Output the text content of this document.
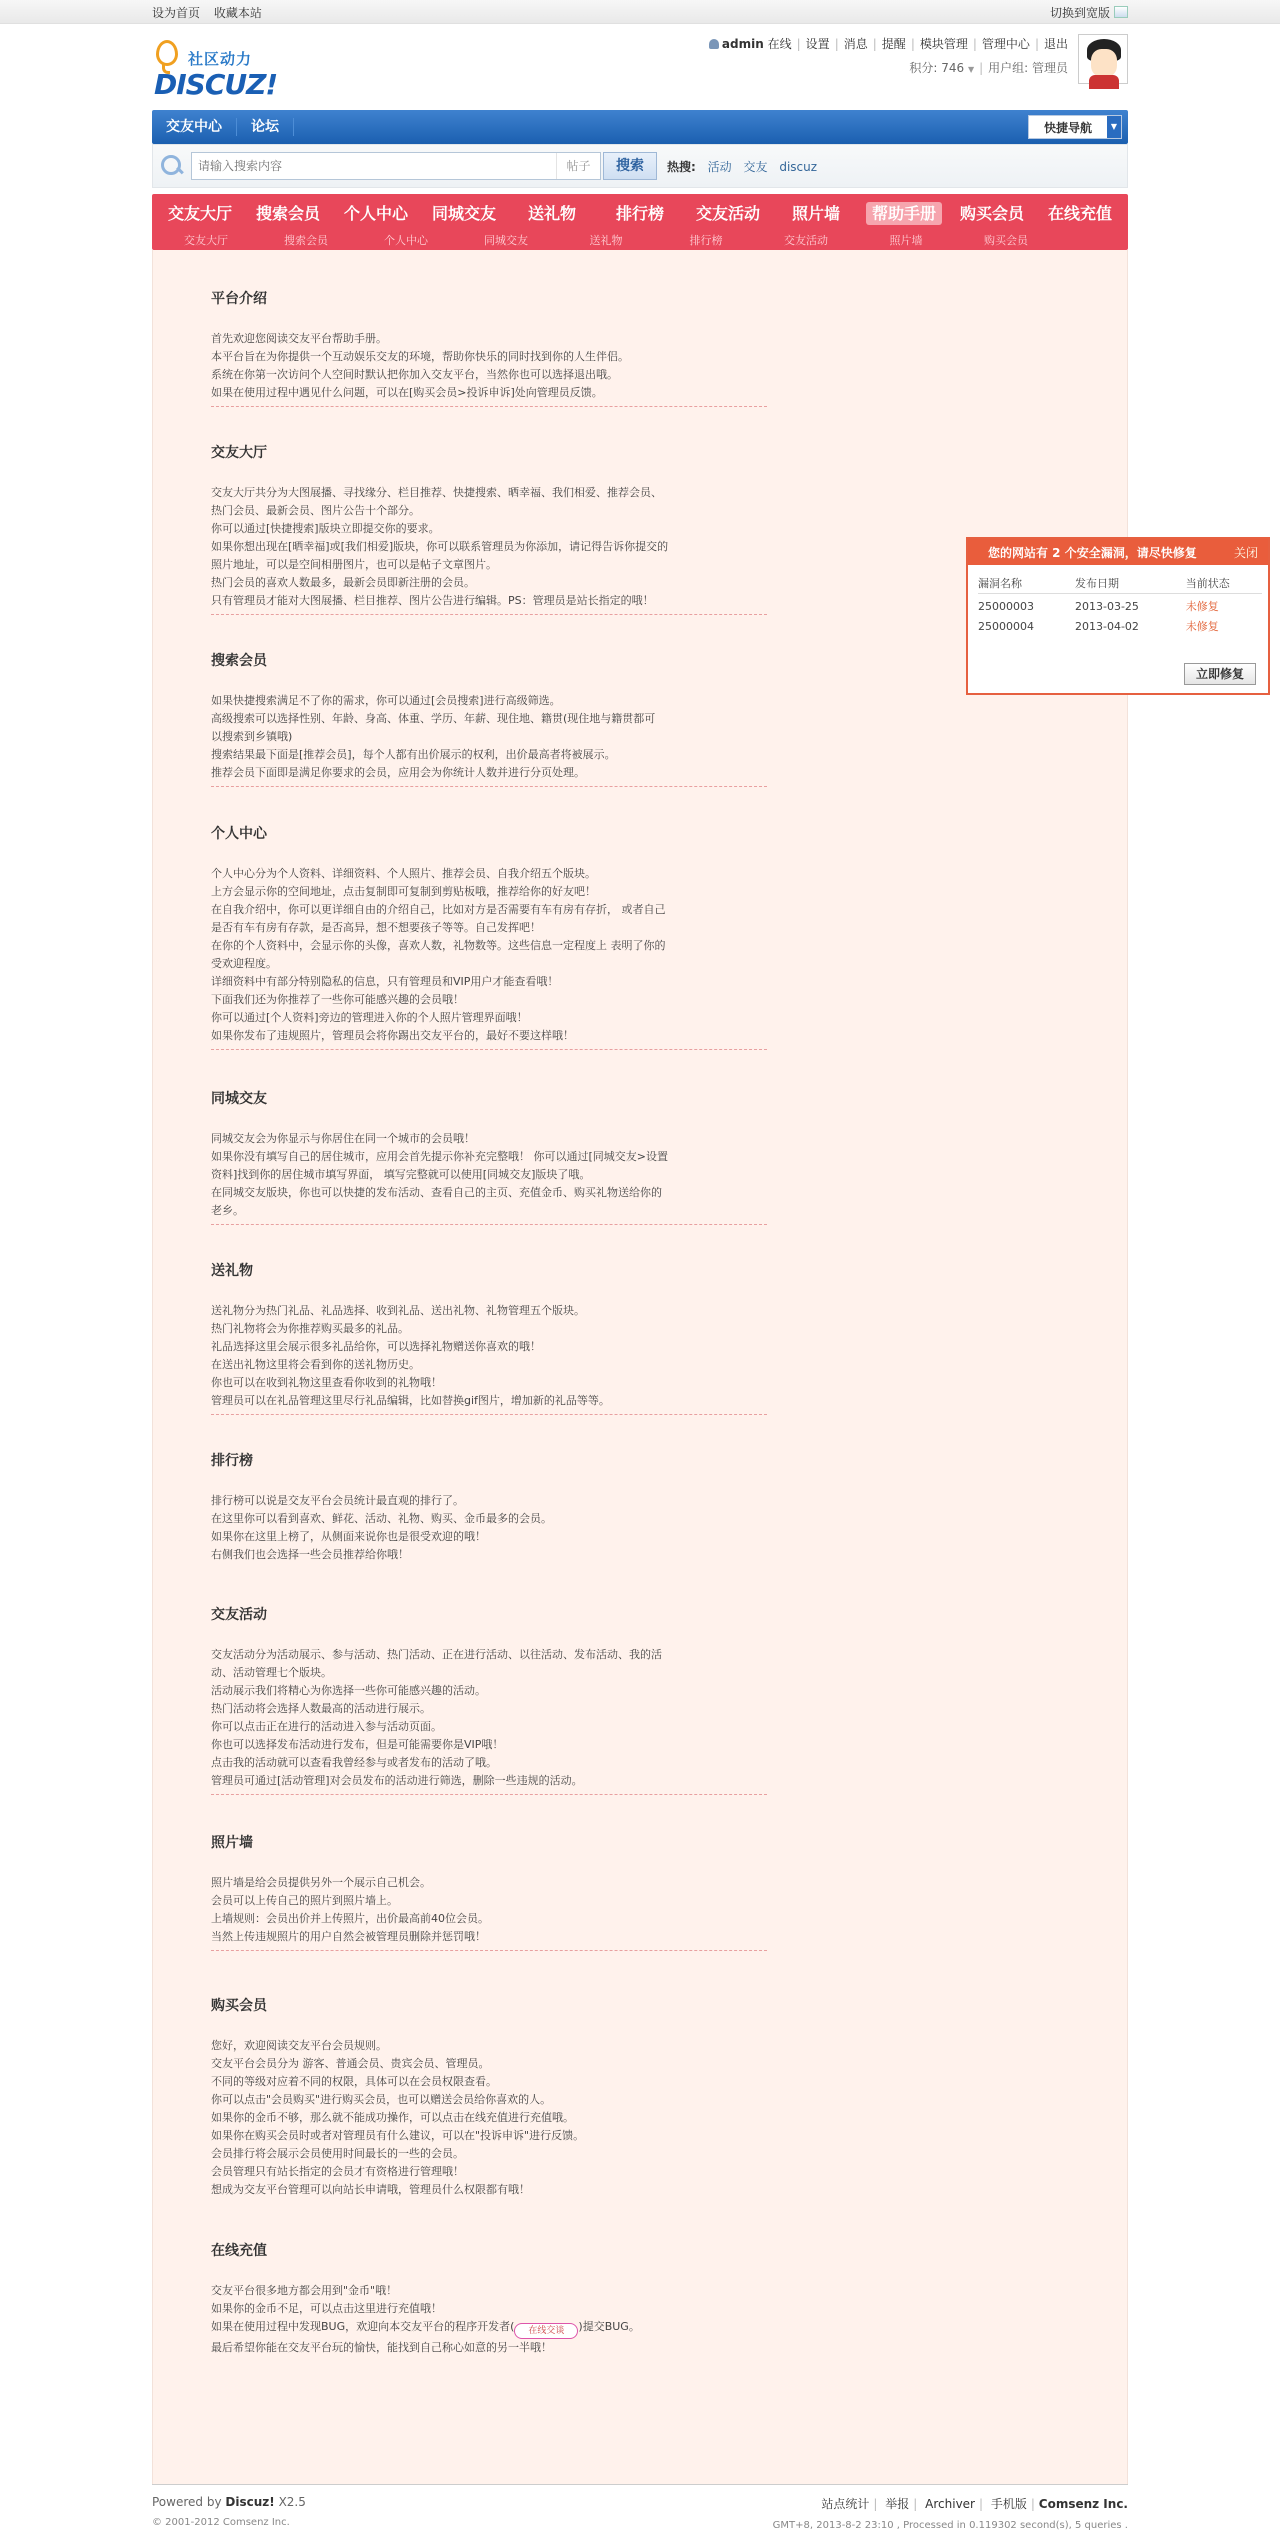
设为首页 收藏本站	切换到宽版
社区动力
DISCUZ!
admin 在线 | 设置 | 消息 | 提醒 | 模块管理 | 管理中心 | 退出
积分: 746 ▼ | 用户组: 管理员
交友中心	论坛	快捷导航	▼
请输入搜索内容
帖子	搜索	热搜: 活动 交友 discuz
交友大厅	搜索会员	个人中心	同城交友	送礼物	排行榜	交友活动	照片墙	帮助手册	购买会员	在线充值
交友大厅	搜索会员	个人中心	同城交友	送礼物	排行榜	交友活动	照片墙	购买会员
平台介绍

首先欢迎您阅读交友平台帮助手册。

本平台旨在为你提供一个互动娱乐交友的环境，帮助你快乐的同时找到你的人生伴侣。

系统在你第一次访问个人空间时默认把你加入交友平台，当然你也可以选择退出哦。

如果在使用过程中遇见什么问题，可以在[购买会员>投诉申诉]处向管理员反馈。

交友大厅

交友大厅共分为大图展播、寻找缘分、栏目推荐、快捷搜索、晒幸福、我们相爱、推荐会员、

热门会员、最新会员、图片公告十个部分。

你可以通过[快捷搜索]版块立即提交你的要求。

如果你想出现在[晒幸福]或[我们相爱]版块，你可以联系管理员为你添加，请记得告诉你提交的

照片地址，可以是空间相册图片，也可以是帖子文章图片。

热门会员的喜欢人数最多，最新会员即新注册的会员。

只有管理员才能对大图展播、栏目推荐、图片公告进行编辑。PS：管理员是站长指定的哦！

搜索会员

如果快捷搜索满足不了你的需求，你可以通过[会员搜索]进行高级筛选。

高级搜索可以选择性别、年龄、身高、体重、学历、年薪、现住地、籍贯(现住地与籍贯都可

以搜索到乡镇哦)

搜索结果最下面是[推荐会员]，每个人都有出价展示的权利，出价最高者将被展示。

推荐会员下面即是满足你要求的会员，应用会为你统计人数并进行分页处理。

个人中心

个人中心分为个人资料、详细资料、个人照片、推荐会员、自我介绍五个版块。

上方会显示你的空间地址，点击复制即可复制到剪贴板哦，推荐给你的好友吧！

在自我介绍中，你可以更详细自由的介绍自己，比如对方是否需要有车有房有存折， 或者自己

是否有车有房有存款，是否高异，想不想要孩子等等。自己发挥吧！

在你的个人资料中，会显示你的头像，喜欢人数，礼物数等。这些信息一定程度上 表明了你的

受欢迎程度。

详细资料中有部分特别隐私的信息，只有管理员和VIP用户才能查看哦！

下面我们还为你推荐了一些你可能感兴趣的会员哦！

你可以通过[个人资料]旁边的管理进入你的个人照片管理界面哦！

如果你发布了违规照片，管理员会将你踢出交友平台的，最好不要这样哦！

同城交友

同城交友会为你显示与你居住在同一个城市的会员哦！

如果你没有填写自己的居住城市，应用会首先提示你补充完整哦！ 你可以通过[同城交友>设置

资料]找到你的居住城市填写界面， 填写完整就可以使用[同城交友]版块了哦。

在同城交友版块，你也可以快捷的发布活动、查看自己的主页、充值金币、购买礼物送给你的

老乡。

送礼物

送礼物分为热门礼品、礼品选择、收到礼品、送出礼物、礼物管理五个版块。

热门礼物将会为你推荐购买最多的礼品。

礼品选择这里会展示很多礼品给你，可以选择礼物赠送你喜欢的哦！

在送出礼物这里将会看到你的送礼物历史。

你也可以在收到礼物这里查看你收到的礼物哦！

管理员可以在礼品管理这里尽行礼品编辑，比如替换gif图片，增加新的礼品等等。

排行榜

排行榜可以说是交友平台会员统计最直观的排行了。

在这里你可以看到喜欢、鲜花、活动、礼物、购买、金币最多的会员。

如果你在这里上榜了，从侧面来说你也是很受欢迎的哦！

右侧我们也会选择一些会员推荐给你哦！

交友活动

交友活动分为活动展示、参与活动、热门活动、正在进行活动、以往活动、发布活动、我的活

动、活动管理七个版块。

活动展示我们将精心为你选择一些你可能感兴趣的活动。

热门活动将会选择人数最高的活动进行展示。

你可以点击正在进行的活动进入参与活动页面。

你也可以选择发布活动进行发布，但是可能需要你是VIP哦！

点击我的活动就可以查看我曾经参与或者发布的活动了哦。

管理员可通过[活动管理]对会员发布的活动进行筛选，删除一些违规的活动。

照片墙

照片墙是给会员提供另外一个展示自己机会。

会员可以上传自己的照片到照片墙上。

上墙规则：会员出价并上传照片，出价最高前40位会员。

当然上传违规照片的用户自然会被管理员删除并惩罚哦！

购买会员

您好，欢迎阅读交友平台会员规则。

交友平台会员分为 游客、普通会员、贵宾会员、管理员。

不同的等级对应着不同的权限，具体可以在会员权限查看。

你可以点击"会员购买"进行购买会员，也可以赠送会员给你喜欢的人。

如果你的金币不够，那么就不能成功操作，可以点击在线充值进行充值哦。

如果你在购买会员时或者对管理员有什么建议，可以在"投诉申诉"进行反馈。

会员排行将会展示会员使用时间最长的一些的会员。

会员管理只有站长指定的会员才有资格进行管理哦！

想成为交友平台管理可以向站长申请哦，管理员什么权限都有哦！

在线充值

交友平台很多地方都会用到"金币"哦！

如果你的金币不足，可以点击这里进行充值哦！

如果在使用过程中发现BUG，欢迎向本交友平台的程序开发者( 在线交谈 )提交BUG。

最后希望你能在交友平台玩的愉快，能找到自己称心如意的另一半哦！

您的网站有 2 个安全漏洞，请尽快修复	关闭
漏洞名称	发布日期	当前状态
25000003	2013-03-25	未修复
25000004	2013-04-02	未修复
立即修复
Powered by Discuz! X2.5
© 2001-2012 Comsenz Inc.
站点统计 | 举报 | Archiver | 手机版 | Comsenz Inc.
GMT+8, 2013-8-2 23:10 , Processed in 0.119302 second(s), 5 queries .
